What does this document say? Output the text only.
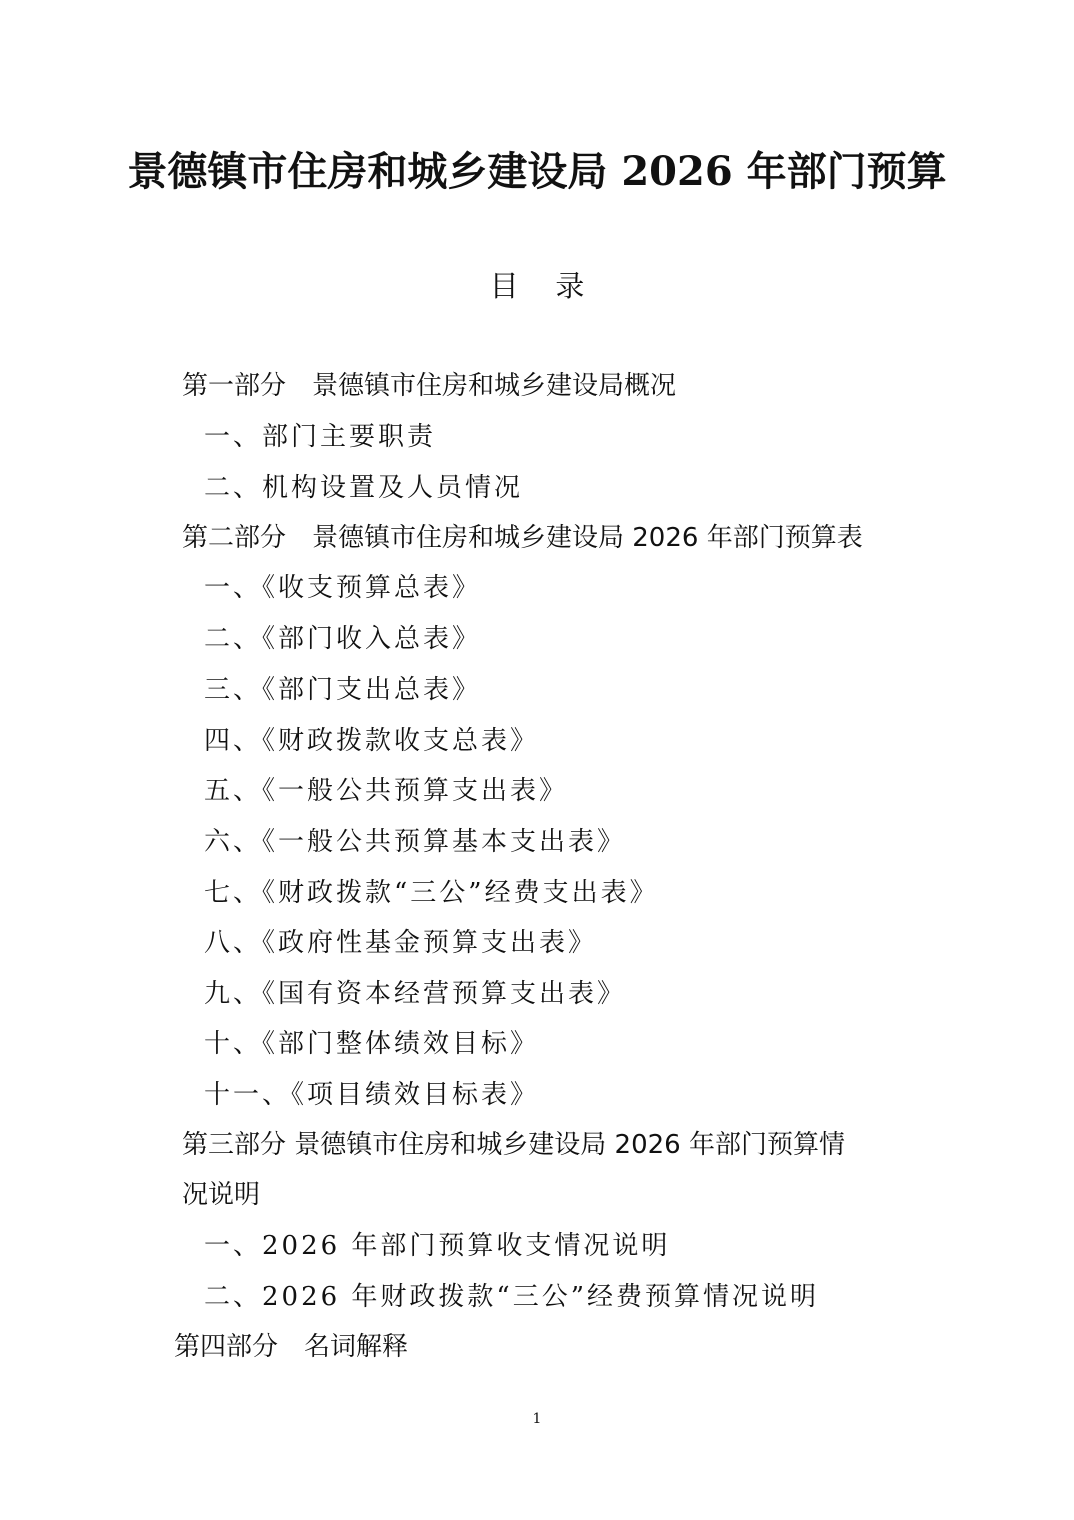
景德镇市住房和城乡建设局 2026 年部门预算
目    录
第一部分　景德镇市住房和城乡建设局概况
一、部门主要职责
二、机构设置及人员情况
第二部分　景德镇市住房和城乡建设局 2026 年部门预算表
一、《收支预算总表》
二、《部门收入总表》
三、《部门支出总表》
四、《财政拨款收支总表》
五、《一般公共预算支出表》
六、《一般公共预算基本支出表》
七、《财政拨款“三公”经费支出表》
八、《政府性基金预算支出表》
九、《国有资本经营预算支出表》
十、《部门整体绩效目标》
十一、《项目绩效目标表》
第三部分 景德镇市住房和城乡建设局 2026 年部门预算情
况说明
一、2026 年部门预算收支情况说明
二、2026 年财政拨款“三公”经费预算情况说明
第四部分　名词解释
1
